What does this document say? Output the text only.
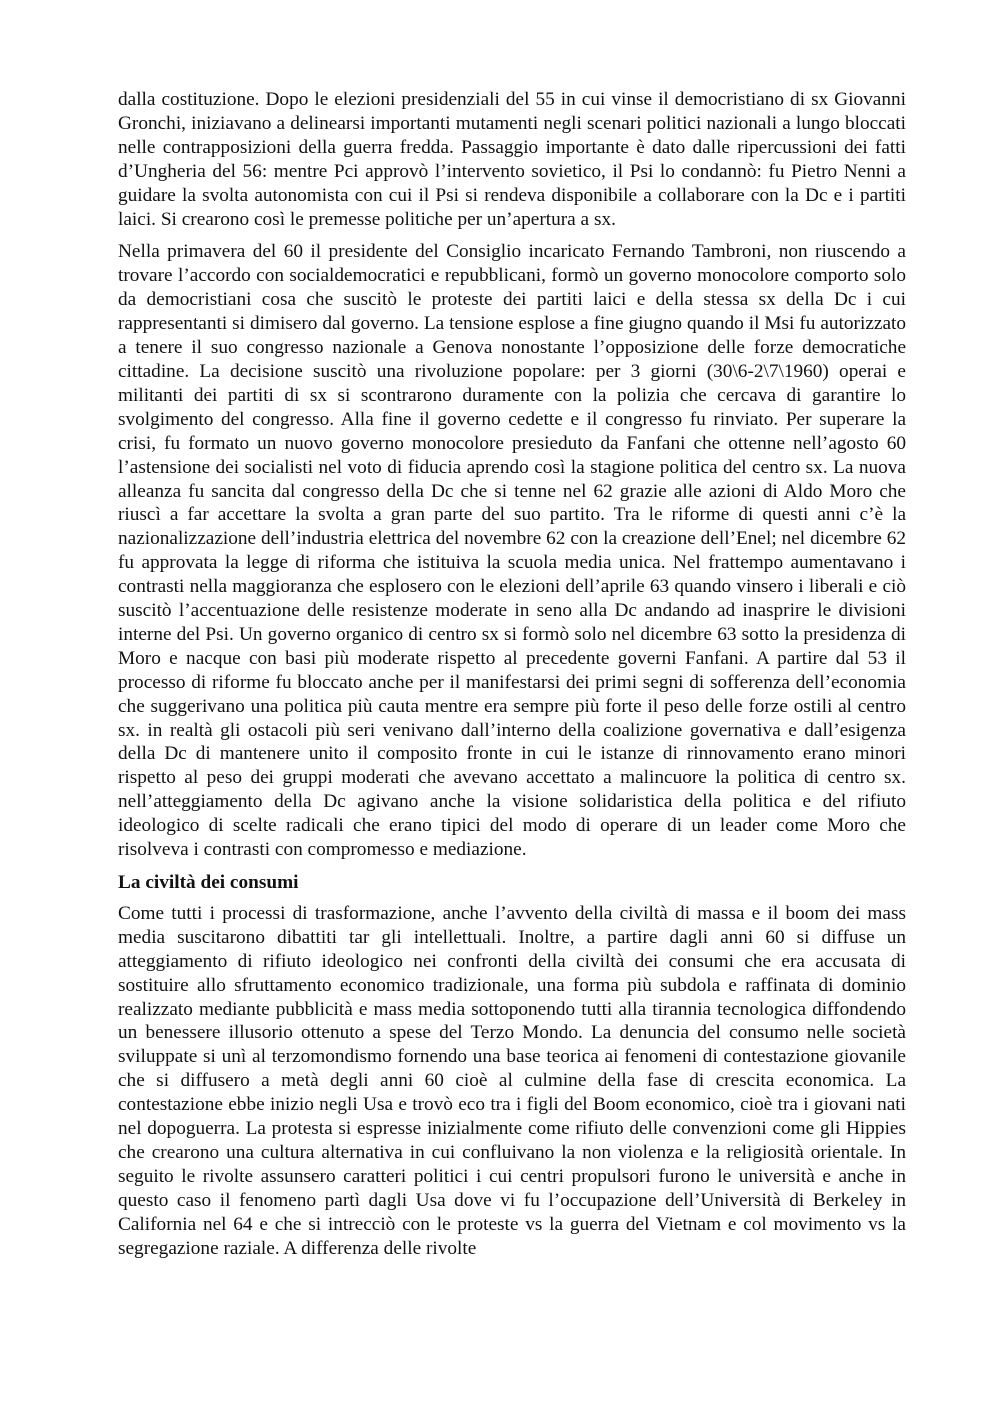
dalla costituzione. Dopo le elezioni presidenziali del 55 in cui vinse il democristiano di sx Giovanni Gronchi, iniziavano a delinearsi importanti mutamenti negli scenari politici nazionali a lungo bloccati nelle contrapposizioni della guerra fredda. Passaggio importante è dato dalle ripercussioni dei fatti d’Ungheria del 56: mentre Pci approvò l’intervento sovietico, il Psi lo condannò: fu Pietro Nenni a guidare la svolta autonomista con cui il Psi si rendeva disponibile a collaborare con la Dc e i partiti laici. Si crearono così le premesse politiche per un’apertura a sx.

Nella primavera del 60 il presidente del Consiglio incaricato Fernando Tambroni, non riuscendo a trovare l’accordo con socialdemocratici e repubblicani, formò un governo monocolore comporto solo da democristiani cosa che suscitò le proteste dei partiti laici e della stessa sx della Dc i cui rappresentanti si dimisero dal governo. La tensione esplose a fine giugno quando il Msi fu autorizzato a tenere il suo congresso nazionale a Genova nonostante l’opposizione delle forze democratiche cittadine. La decisione suscitò una rivoluzione popolare: per 3 giorni (30\6-2\7\1960) operai e militanti dei partiti di sx si scontrarono duramente con la polizia che cercava di garantire lo svolgimento del congresso. Alla fine il governo cedette e il congresso fu rinviato. Per superare la crisi, fu formato un nuovo governo monocolore presieduto da Fanfani che ottenne nell’agosto 60 l’astensione dei socialisti nel voto di fiducia aprendo così la stagione politica del centro sx. La nuova alleanza fu sancita dal congresso della Dc che si tenne nel 62 grazie alle azioni di Aldo Moro che riuscì a far accettare la svolta a gran parte del suo partito. Tra le riforme di questi anni c’è la nazionalizzazione dell’industria elettrica del novembre 62 con la creazione dell’Enel; nel dicembre 62 fu approvata la legge di riforma che istituiva la scuola media unica. Nel frattempo aumentavano i contrasti nella maggioranza che esplosero con le elezioni dell’aprile 63 quando vinsero i liberali e ciò suscitò l’accentuazione delle resistenze moderate in seno alla Dc andando ad inasprire le divisioni interne del Psi. Un governo organico di centro sx si formò solo nel dicembre 63 sotto la presidenza di Moro e nacque con basi più moderate rispetto al precedente governi Fanfani. A partire dal 53 il processo di riforme fu bloccato anche per il manifestarsi dei primi segni di sofferenza dell’economia che suggerivano una politica più cauta mentre era sempre più forte il peso delle forze ostili al centro sx. in realtà gli ostacoli più seri venivano dall’interno della coalizione governativa e dall’esigenza della Dc di mantenere unito il composito fronte in cui le istanze di rinnovamento erano minori rispetto al peso dei gruppi moderati che avevano accettato a malincuore la politica di centro sx. nell’atteggiamento della Dc agivano anche la visione solidaristica della politica e del rifiuto ideologico di scelte radicali che erano tipici del modo di operare di un leader come Moro che risolveva i contrasti con compromesso e mediazione.

La civiltà dei consumi

Come tutti i processi di trasformazione, anche l’avvento della civiltà di massa e il boom dei mass media suscitarono dibattiti tar gli intellettuali. Inoltre, a partire dagli anni 60 si diffuse un atteggiamento di rifiuto ideologico nei confronti della civiltà dei consumi che era accusata di sostituire allo sfruttamento economico tradizionale, una forma più subdola e raffinata di dominio realizzato mediante pubblicità e mass media sottoponendo tutti alla tirannia tecnologica diffondendo un benessere illusorio ottenuto a spese del Terzo Mondo. La denuncia del consumo nelle società sviluppate si unì al terzomondismo fornendo una base teorica ai fenomeni di contestazione giovanile che si diffusero a metà degli anni 60 cioè al culmine della fase di crescita economica. La contestazione ebbe inizio negli Usa e trovò eco tra i figli del Boom economico, cioè tra i giovani nati nel dopoguerra. La protesta si espresse inizialmente come rifiuto delle convenzioni come gli Hippies che crearono una cultura alternativa in cui confluivano la non violenza e la religiosità orientale. In seguito le rivolte assunsero caratteri politici i cui centri propulsori furono le università e anche in questo caso il fenomeno partì dagli Usa dove vi fu l’occupazione dell’Università di Berkeley in California nel 64 e che si intrecciò con le proteste vs la guerra del Vietnam e col movimento vs la segregazione raziale. A differenza delle rivolte
